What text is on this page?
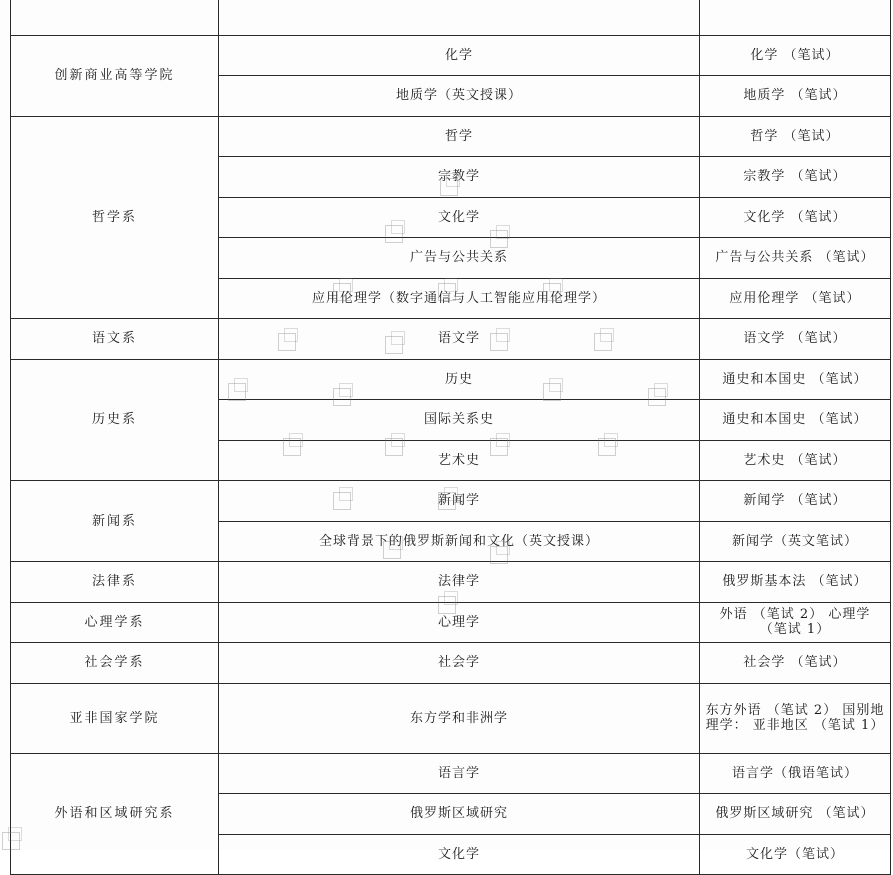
创新商业高等学院	化学	化学 （笔试）
	地质学（英文授课）	地质学 （笔试）
哲学系	哲学	哲学 （笔试）
	宗教学	宗教学 （笔试）
	文化学	文化学 （笔试）
	广告与公共关系	广告与公共关系 （笔试）
	应用伦理学（数字通信与人工智能应用伦理学）	应用伦理学 （笔试）
语文系	语文学	语文学 （笔试）
历史系	历史	通史和本国史 （笔试）
	国际关系史	通史和本国史 （笔试）
	艺术史	艺术史 （笔试）
新闻系	新闻学	新闻学 （笔试）
	全球背景下的俄罗斯新闻和文化（英文授课）	新闻学（英文笔试）
法律系	法律学	俄罗斯基本法 （笔试）
心理学系	心理学	外语 （笔试 2） 心理学 （笔试 1）
社会学系	社会学	社会学 （笔试）
亚非国家学院	东方学和非洲学	东方外语 （笔试 2） 国别地 理学： 亚非地区 （笔试 1）
外语和区域研究系	语言学	语言学（俄语笔试）
	俄罗斯区域研究	俄罗斯区域研究 （笔试）
	文化学	文化学（笔试）
